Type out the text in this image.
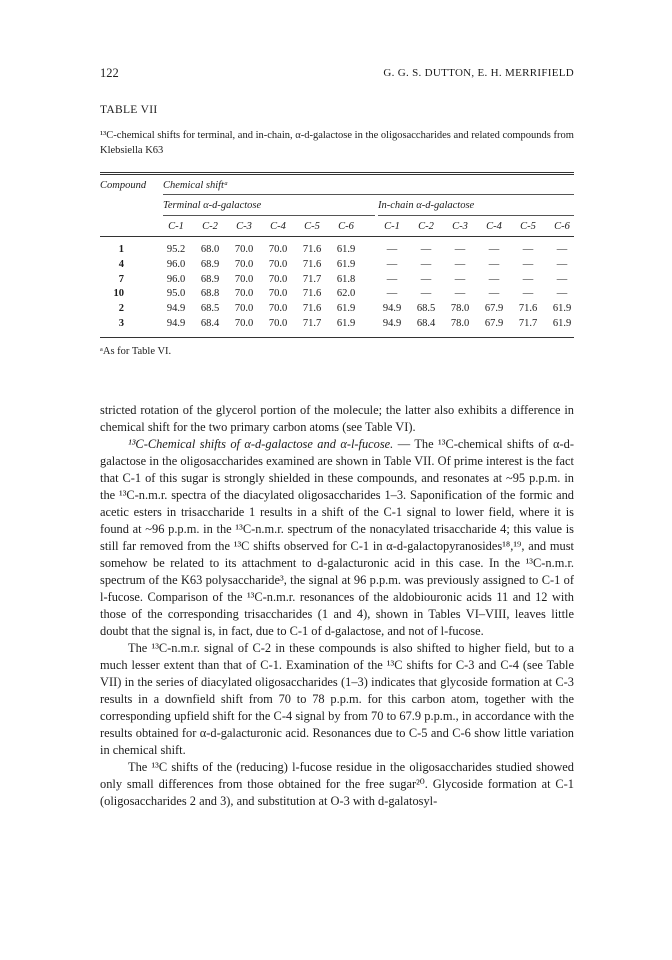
122	G. G. S. DUTTON, E. H. MERRIFIELD
TABLE VII
¹³C-chemical shifts for terminal, and in-chain, α-d-galactose in the oligosaccharides and related compounds from Klebsiella K63
Compound Chemical shiftᵃ
Terminal α-d-galactose	In-chain α-d-galactose
C-1	C-2	C-3	C-4	C-5	C-6	C-1	C-2	C-3	C-4	C-5	C-6
1	95.2	68.0	70.0	70.0	71.6	61.9	—	—	—	—	—	—
4	96.0	68.9	70.0	70.0	71.6	61.9	—	—	—	—	—	—
7	96.0	68.9	70.0	70.0	71.7	61.8	—	—	—	—	—	—
10	95.0	68.8	70.0	70.0	71.6	62.0	—	—	—	—	—	—
2	94.9	68.5	70.0	70.0	71.6	61.9	94.9	68.5	78.0	67.9	71.6	61.9
3	94.9	68.4	70.0	70.0	71.7	61.9	94.9	68.4	78.0	67.9	71.7	61.9
ᵃAs for Table VI.

stricted rotation of the glycerol portion of the molecule; the latter also exhibits a difference in chemical shift for the two primary carbon atoms (see Table VI).

¹³C-Chemical shifts of α-d-galactose and α-l-fucose. — The ¹³C-chemical shifts of α-d-galactose in the oligosaccharides examined are shown in Table VII. Of prime interest is the fact that C-1 of this sugar is strongly shielded in these compounds, and resonates at ~95 p.p.m. in the ¹³C-n.m.r. spectra of the diacylated oligosaccharides 1–3. Saponification of the formic and acetic esters in trisaccharide 1 results in a shift of the C-1 signal to lower field, where it is found at ~96 p.p.m. in the ¹³C-n.m.r. spectrum of the nonacylated trisaccharide 4; this value is still far removed from the ¹³C shifts observed for C-1 in α-d-galactopyranosides¹⁸,¹⁹, and must somehow be related to its attachment to d-galacturonic acid in this case. In the ¹³C-n.m.r. spectrum of the K63 polysaccharide³, the signal at 96 p.p.m. was previously assigned to C-1 of l-fucose. Comparison of the ¹³C-n.m.r. resonances of the aldobiouronic acids 11 and 12 with those of the corresponding trisaccharides (1 and 4), shown in Tables VI–VIII, leaves little doubt that the signal is, in fact, due to C-1 of d-galactose, and not of l-fucose.

The ¹³C-n.m.r. signal of C-2 in these compounds is also shifted to higher field, but to a much lesser extent than that of C-1. Examination of the ¹³C shifts for C-3 and C-4 (see Table VII) in the series of diacylated oligosaccharides (1–3) indicates that glycoside formation at C-3 results in a downfield shift from 70 to 78 p.p.m. for this carbon atom, together with the corresponding upfield shift for the C-4 signal by from 70 to 67.9 p.p.m., in accordance with the results obtained for α-d-galacturonic acid. Resonances due to C-5 and C-6 show little variation in chemical shift.

The ¹³C shifts of the (reducing) l-fucose residue in the oligosaccharides studied showed only small differences from those obtained for the free sugar²⁰. Glycoside formation at C-1 (oligosaccharides 2 and 3), and substitution at O-3 with d-galatosyl-
